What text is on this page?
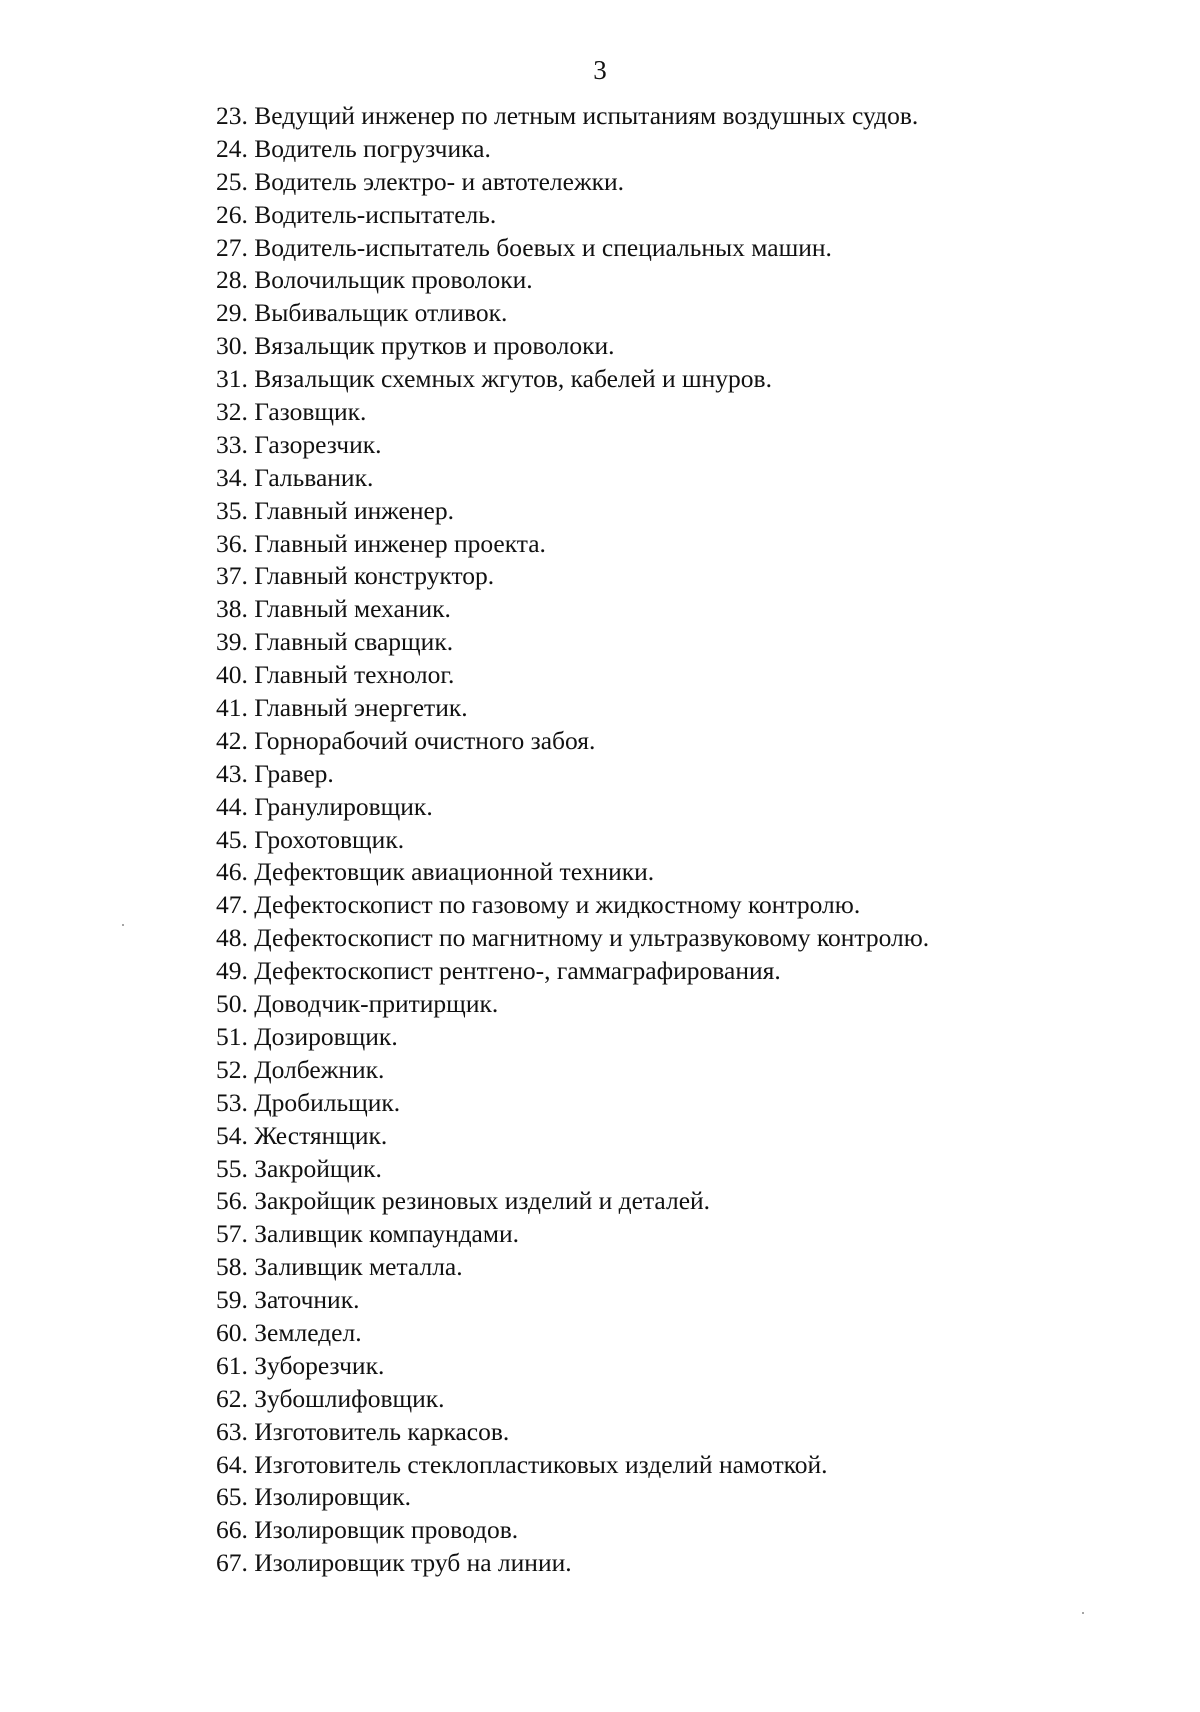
3
23. Ведущий инженер по летным испытаниям воздушных судов.
24. Водитель погрузчика.
25. Водитель электро- и автотележки.
26. Водитель-испытатель.
27. Водитель-испытатель боевых и специальных машин.
28. Волочильщик проволоки.
29. Выбивальщик отливок.
30. Вязальщик прутков и проволоки.
31. Вязальщик схемных жгутов, кабелей и шнуров.
32. Газовщик.
33. Газорезчик.
34. Гальваник.
35. Главный инженер.
36. Главный инженер проекта.
37. Главный конструктор.
38. Главный механик.
39. Главный сварщик.
40. Главный технолог.
41. Главный энергетик.
42. Горнорабочий очистного забоя.
43. Гравер.
44. Гранулировщик.
45. Грохотовщик.
46. Дефектовщик авиационной техники.
47. Дефектоскопист по газовому и жидкостному контролю.
48. Дефектоскопист по магнитному и ультразвуковому контролю.
49. Дефектоскопист рентгено-, гаммаграфирования.
50. Доводчик-притирщик.
51. Дозировщик.
52. Долбежник.
53. Дробильщик.
54. Жестянщик.
55. Закройщик.
56. Закройщик резиновых изделий и деталей.
57. Заливщик компаундами.
58. Заливщик металла.
59. Заточник.
60. Земледел.
61. Зуборезчик.
62. Зубошлифовщик.
63. Изготовитель каркасов.
64. Изготовитель стеклопластиковых изделий намоткой.
65. Изолировщик.
66. Изолировщик проводов.
67. Изолировщик труб на линии.
